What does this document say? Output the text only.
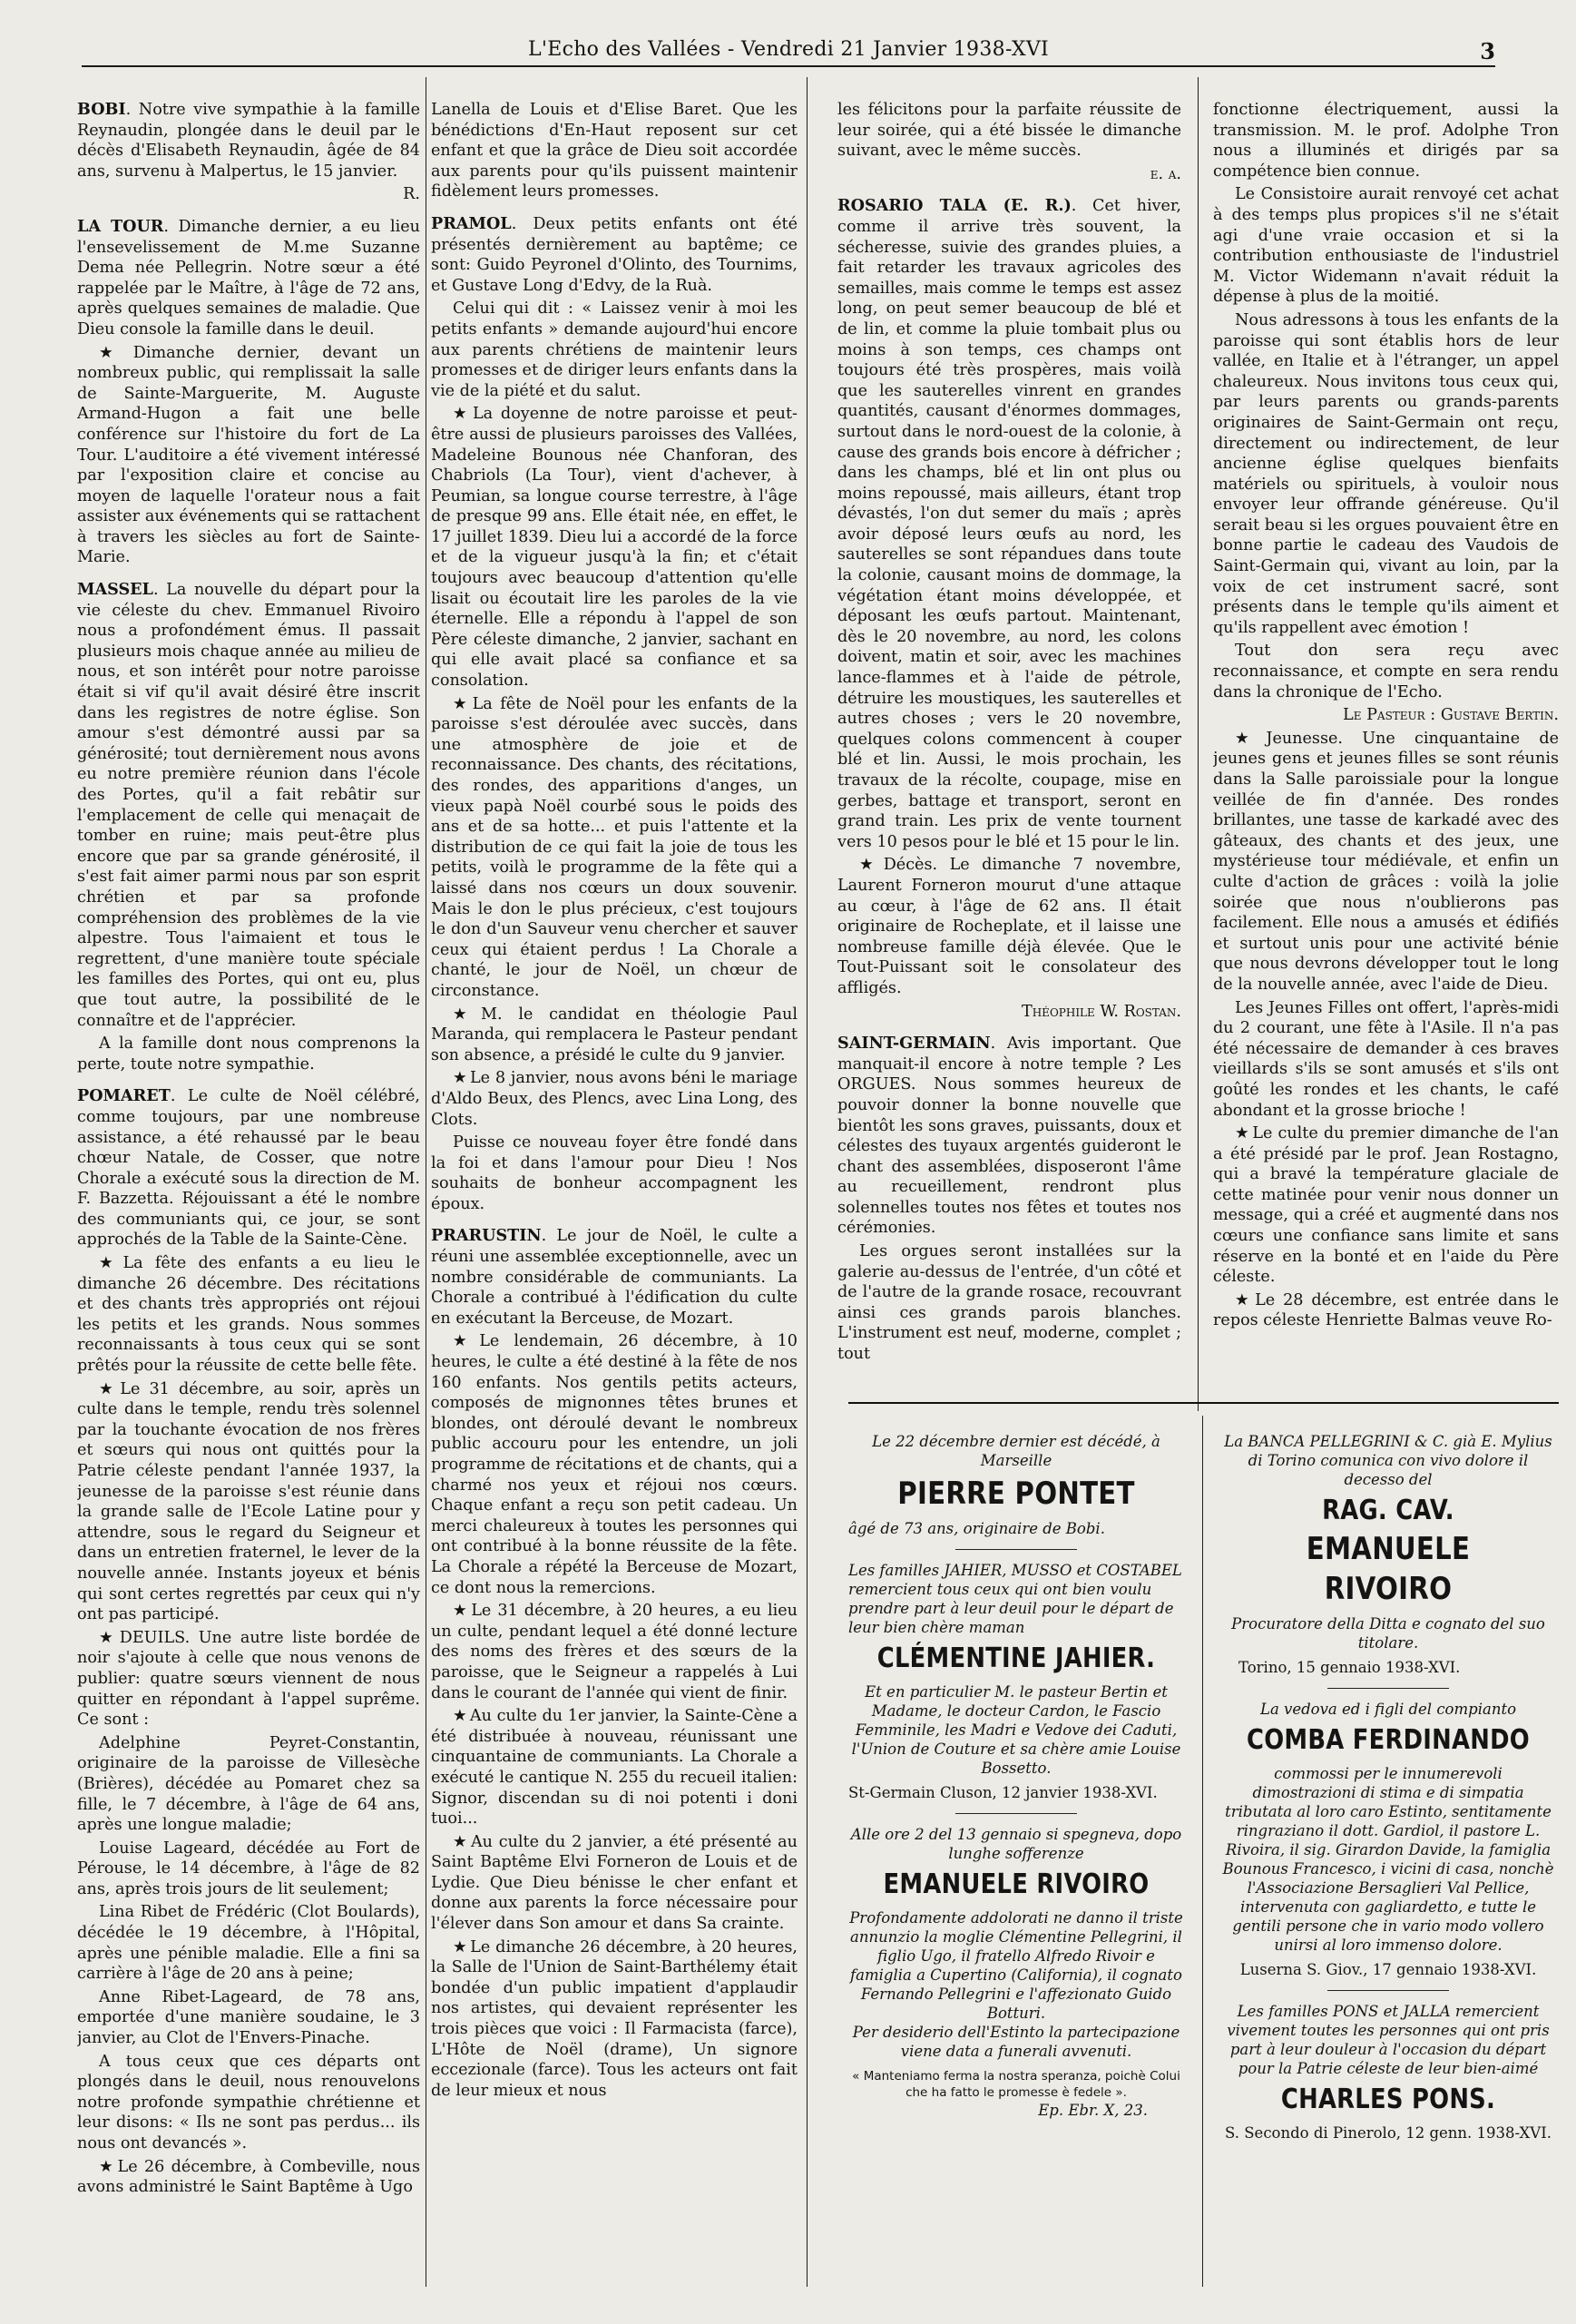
L'Echo des Vallées - Vendredi 21 Janvier 1938-XVI	3

BOBI. Notre vive sympathie à la famille Reynaudin, plongée dans le deuil par le décès d'Elisabeth Reynaudin, âgée de 84 ans, survenu à Malpertus, le 15 janvier.

R.

LA TOUR. Dimanche dernier, a eu lieu l'ensevelissement de M.me Suzanne Dema née Pellegrin. Notre sœur a été rappelée par le Maître, à l'âge de 72 ans, après quelques semaines de maladie. Que Dieu console la famille dans le deuil.

★ Dimanche dernier, devant un nombreux public, qui remplissait la salle de Sainte-Marguerite, M. Auguste Armand-Hugon a fait une belle conférence sur l'histoire du fort de La Tour. L'auditoire a été vivement intéressé par l'exposition claire et concise au moyen de laquelle l'orateur nous a fait assister aux événements qui se rattachent à travers les siècles au fort de Sainte-Marie.

MASSEL. La nouvelle du départ pour la vie céleste du chev. Emmanuel Rivoiro nous a profondément émus. Il passait plusieurs mois chaque année au milieu de nous, et son intérêt pour notre paroisse était si vif qu'il avait désiré être inscrit dans les registres de notre église. Son amour s'est démontré aussi par sa générosité; tout dernièrement nous avons eu notre première réunion dans l'école des Portes, qu'il a fait rebâtir sur l'emplacement de celle qui menaçait de tomber en ruine; mais peut-être plus encore que par sa grande générosité, il s'est fait aimer parmi nous par son esprit chrétien et par sa profonde compréhension des problèmes de la vie alpestre. Tous l'aimaient et tous le regrettent, d'une manière toute spéciale les familles des Portes, qui ont eu, plus que tout autre, la possibilité de le connaître et de l'apprécier.

A la famille dont nous comprenons la perte, toute notre sympathie.

POMARET. Le culte de Noël célébré, comme toujours, par une nombreuse assistance, a été rehaussé par le beau chœur Natale, de Cosser, que notre Chorale a exécuté sous la direction de M. F. Bazzetta. Réjouissant a été le nombre des communiants qui, ce jour, se sont approchés de la Table de la Sainte-Cène.

★ La fête des enfants a eu lieu le dimanche 26 décembre. Des récitations et des chants très appropriés ont réjoui les petits et les grands. Nous sommes reconnaissants à tous ceux qui se sont prêtés pour la réussite de cette belle fête.

★ Le 31 décembre, au soir, après un culte dans le temple, rendu très solennel par la touchante évocation de nos frères et sœurs qui nous ont quittés pour la Patrie céleste pendant l'année 1937, la jeunesse de la paroisse s'est réunie dans la grande salle de l'Ecole Latine pour y attendre, sous le regard du Seigneur et dans un entretien fraternel, le lever de la nouvelle année. Instants joyeux et bénis qui sont certes regrettés par ceux qui n'y ont pas participé.

★ DEUILS. Une autre liste bordée de noir s'ajoute à celle que nous venons de publier: quatre sœurs viennent de nous quitter en répondant à l'appel suprême. Ce sont :

Adelphine Peyret-Constantin, originaire de la paroisse de Villesèche (Brières), décédée au Pomaret chez sa fille, le 7 décembre, à l'âge de 64 ans, après une longue maladie;

Louise Lageard, décédée au Fort de Pérouse, le 14 décembre, à l'âge de 82 ans, après trois jours de lit seulement;

Lina Ribet de Frédéric (Clot Boulards), décédée le 19 décembre, à l'Hôpital, après une pénible maladie. Elle a fini sa carrière à l'âge de 20 ans à peine;

Anne Ribet-Lageard, de 78 ans, emportée d'une manière soudaine, le 3 janvier, au Clot de l'Envers-Pinache.

A tous ceux que ces départs ont plongés dans le deuil, nous renouvelons notre profonde sympathie chrétienne et leur disons: « Ils ne sont pas perdus... ils nous ont devancés ».

★ Le 26 décembre, à Combeville, nous avons administré le Saint Baptême à Ugo

Lanella de Louis et d'Elise Baret. Que les bénédictions d'En-Haut reposent sur cet enfant et que la grâce de Dieu soit accordée aux parents pour qu'ils puissent maintenir fidèlement leurs promesses.

PRAMOL. Deux petits enfants ont été présentés dernièrement au baptême; ce sont: Guido Peyronel d'Olinto, des Tournims, et Gustave Long d'Edvy, de la Ruà.

Celui qui dit : « Laissez venir à moi les petits enfants » demande aujourd'hui encore aux parents chrétiens de maintenir leurs promesses et de diriger leurs enfants dans la vie de la piété et du salut.

★ La doyenne de notre paroisse et peut-être aussi de plusieurs paroisses des Vallées, Madeleine Bounous née Chanforan, des Chabriols (La Tour), vient d'achever, à Peumian, sa longue course terrestre, à l'âge de presque 99 ans. Elle était née, en effet, le 17 juillet 1839. Dieu lui a accordé de la force et de la vigueur jusqu'à la fin; et c'était toujours avec beaucoup d'attention qu'elle lisait ou écoutait lire les paroles de la vie éternelle. Elle a répondu à l'appel de son Père céleste dimanche, 2 janvier, sachant en qui elle avait placé sa confiance et sa consolation.

★ La fête de Noël pour les enfants de la paroisse s'est déroulée avec succès, dans une atmosphère de joie et de reconnaissance. Des chants, des récitations, des rondes, des apparitions d'anges, un vieux papà Noël courbé sous le poids des ans et de sa hotte... et puis l'attente et la distribution de ce qui fait la joie de tous les petits, voilà le programme de la fête qui a laissé dans nos cœurs un doux souvenir. Mais le don le plus précieux, c'est toujours le don d'un Sauveur venu chercher et sauver ceux qui étaient perdus ! La Chorale a chanté, le jour de Noël, un chœur de circonstance.

★ M. le candidat en théologie Paul Maranda, qui remplacera le Pasteur pendant son absence, a présidé le culte du 9 janvier.

★ Le 8 janvier, nous avons béni le mariage d'Aldo Beux, des Plencs, avec Lina Long, des Clots.

Puisse ce nouveau foyer être fondé dans la foi et dans l'amour pour Dieu ! Nos souhaits de bonheur accompagnent les époux.

PRARUSTIN. Le jour de Noël, le culte a réuni une assemblée exceptionnelle, avec un nombre considérable de communiants. La Chorale a contribué à l'édification du culte en exécutant la Berceuse, de Mozart.

★ Le lendemain, 26 décembre, à 10 heures, le culte a été destiné à la fête de nos 160 enfants. Nos gentils petits acteurs, composés de mignonnes têtes brunes et blondes, ont déroulé devant le nombreux public accouru pour les entendre, un joli programme de récitations et de chants, qui a charmé nos yeux et réjoui nos cœurs. Chaque enfant a reçu son petit cadeau. Un merci chaleureux à toutes les personnes qui ont contribué à la bonne réussite de la fête. La Chorale a répété la Berceuse de Mozart, ce dont nous la remercions.

★ Le 31 décembre, à 20 heures, a eu lieu un culte, pendant lequel a été donné lecture des noms des frères et des sœurs de la paroisse, que le Seigneur a rappelés à Lui dans le courant de l'année qui vient de finir.

★ Au culte du 1er janvier, la Sainte-Cène a été distribuée à nouveau, réunissant une cinquantaine de communiants. La Chorale a exécuté le cantique N. 255 du recueil italien: Signor, discendan su di noi potenti i doni tuoi...

★ Au culte du 2 janvier, a été présenté au Saint Baptême Elvi Forneron de Louis et de Lydie. Que Dieu bénisse le cher enfant et donne aux parents la force nécessaire pour l'élever dans Son amour et dans Sa crainte.

★ Le dimanche 26 décembre, à 20 heures, la Salle de l'Union de Saint-Barthélemy était bondée d'un public impatient d'applaudir nos artistes, qui devaient représenter les trois pièces que voici : Il Farmacista (farce), L'Hôte de Noël (drame), Un signore eccezionale (farce). Tous les acteurs ont fait de leur mieux et nous

les félicitons pour la parfaite réussite de leur soirée, qui a été bissée le dimanche suivant, avec le même succès.

e. a.

ROSARIO TALA (E. R.). Cet hiver, comme il arrive très souvent, la sécheresse, suivie des grandes pluies, a fait retarder les travaux agricoles des semailles, mais comme le temps est assez long, on peut semer beaucoup de blé et de lin, et comme la pluie tombait plus ou moins à son temps, ces champs ont toujours été très prospères, mais voilà que les sauterelles vinrent en grandes quantités, causant d'énormes dommages, surtout dans le nord-ouest de la colonie, à cause des grands bois encore à défricher ; dans les champs, blé et lin ont plus ou moins repoussé, mais ailleurs, étant trop dévastés, l'on dut semer du maïs ; après avoir déposé leurs œufs au nord, les sauterelles se sont répandues dans toute la colonie, causant moins de dommage, la végétation étant moins développée, et déposant les œufs partout. Maintenant, dès le 20 novembre, au nord, les colons doivent, matin et soir, avec les machines lance-flammes et à l'aide de pétrole, détruire les moustiques, les sauterelles et autres choses ; vers le 20 novembre, quelques colons commencent à couper blé et lin. Aussi, le mois prochain, les travaux de la récolte, coupage, mise en gerbes, battage et transport, seront en grand train. Les prix de vente tournent vers 10 pesos pour le blé et 15 pour le lin.

★ Décès. Le dimanche 7 novembre, Laurent Forneron mourut d'une attaque au cœur, à l'âge de 62 ans. Il était originaire de Rocheplate, et il laisse une nombreuse famille déjà élevée. Que le Tout-Puissant soit le consolateur des affligés.

Théophile W. Rostan.

SAINT-GERMAIN. Avis important. Que manquait-il encore à notre temple ? Les ORGUES. Nous sommes heureux de pouvoir donner la bonne nouvelle que bientôt les sons graves, puissants, doux et célestes des tuyaux argentés guideront le chant des assemblées, disposeront l'âme au recueillement, rendront plus solennelles toutes nos fêtes et toutes nos cérémonies.

Les orgues seront installées sur la galerie au-dessus de l'entrée, d'un côté et de l'autre de la grande rosace, recouvrant ainsi ces grands parois blanches. L'instrument est neuf, moderne, complet ; tout

fonctionne électriquement, aussi la transmission. M. le prof. Adolphe Tron nous a illuminés et dirigés par sa compétence bien connue.

Le Consistoire aurait renvoyé cet achat à des temps plus propices s'il ne s'était agi d'une vraie occasion et si la contribution enthousiaste de l'industriel M. Victor Widemann n'avait réduit la dépense à plus de la moitié.

Nous adressons à tous les enfants de la paroisse qui sont établis hors de leur vallée, en Italie et à l'étranger, un appel chaleureux. Nous invitons tous ceux qui, par leurs parents ou grands-parents originaires de Saint-Germain ont reçu, directement ou indirectement, de leur ancienne église quelques bienfaits matériels ou spirituels, à vouloir nous envoyer leur offrande généreuse. Qu'il serait beau si les orgues pouvaient être en bonne partie le cadeau des Vaudois de Saint-Germain qui, vivant au loin, par la voix de cet instrument sacré, sont présents dans le temple qu'ils aiment et qu'ils rappellent avec émotion !

Tout don sera reçu avec reconnaissance, et compte en sera rendu dans la chronique de l'Echo.

Le Pasteur : Gustave Bertin.

★ Jeunesse. Une cinquantaine de jeunes gens et jeunes filles se sont réunis dans la Salle paroissiale pour la longue veillée de fin d'année. Des rondes brillantes, une tasse de karkadé avec des gâteaux, des chants et des jeux, une mystérieuse tour médiévale, et enfin un culte d'action de grâces : voilà la jolie soirée que nous n'oublierons pas facilement. Elle nous a amusés et édifiés et surtout unis pour une activité bénie que nous devrons développer tout le long de la nouvelle année, avec l'aide de Dieu.

Les Jeunes Filles ont offert, l'après-midi du 2 courant, une fête à l'Asile. Il n'a pas été nécessaire de demander à ces braves vieillards s'ils se sont amusés et s'ils ont goûté les rondes et les chants, le café abondant et la grosse brioche !

★ Le culte du premier dimanche de l'an a été présidé par le prof. Jean Rostagno, qui a bravé la température glaciale de cette matinée pour venir nous donner un message, qui a créé et augmenté dans nos cœurs une confiance sans limite et sans réserve en la bonté et en l'aide du Père céleste.

★ Le 28 décembre, est entrée dans le repos céleste Henriette Balmas veuve Ro-

Le 22 décembre dernier est décédé, à Marseille
PIERRE PONTET
âgé de 73 ans, originaire de Bobi.
Les familles JAHIER, MUSSO et COSTABEL remercient tous ceux qui ont bien voulu prendre part à leur deuil pour le départ de leur bien chère maman
CLÉMENTINE JAHIER.
Et en particulier M. le pasteur Bertin et Madame, le docteur Cardon, le Fascio Femminile, les Madri e Vedove dei Caduti, l'Union de Couture et sa chère amie Louise Bossetto.
St-Germain Cluson, 12 janvier 1938-XVI.
Alle ore 2 del 13 gennaio si spegneva, dopo lunghe sofferenze
EMANUELE RIVOIRO
Profondamente addolorati ne danno il triste annunzio la moglie Clémentine Pellegrini, il figlio Ugo, il fratello Alfredo Rivoir e famiglia a Cupertino (California), il cognato Fernando Pellegrini e l'affezionato Guido Botturi.
Per desiderio dell'Estinto la partecipazione viene data a funerali avvenuti.
« Manteniamo ferma la nostra speranza, poichè Colui che ha fatto le promesse è fedele ».
Ep. Ebr. X, 23.
La BANCA PELLEGRINI & C. già E. Mylius di Torino comunica con vivo dolore il decesso del
RAG. CAV.
EMANUELE RIVOIRO
Procuratore della Ditta e cognato del suo titolare.
Torino, 15 gennaio 1938-XVI.
La vedova ed i figli del compianto
COMBA FERDINANDO
commossi per le innumerevoli dimostrazioni di stima e di simpatia tributata al loro caro Estinto, sentitamente ringraziano il dott. Gardiol, il pastore L. Rivoira, il sig. Girardon Davide, la famiglia Bounous Francesco, i vicini di casa, nonchè l'Associazione Bersaglieri Val Pellice, intervenuta con gagliardetto, e tutte le gentili persone che in vario modo vollero unirsi al loro immenso dolore.
Luserna S. Giov., 17 gennaio 1938-XVI.
Les familles PONS et JALLA remercient vivement toutes les personnes qui ont pris part à leur douleur à l'occasion du départ pour la Patrie céleste de leur bien-aimé
CHARLES PONS.
S. Secondo di Pinerolo, 12 genn. 1938-XVI.
